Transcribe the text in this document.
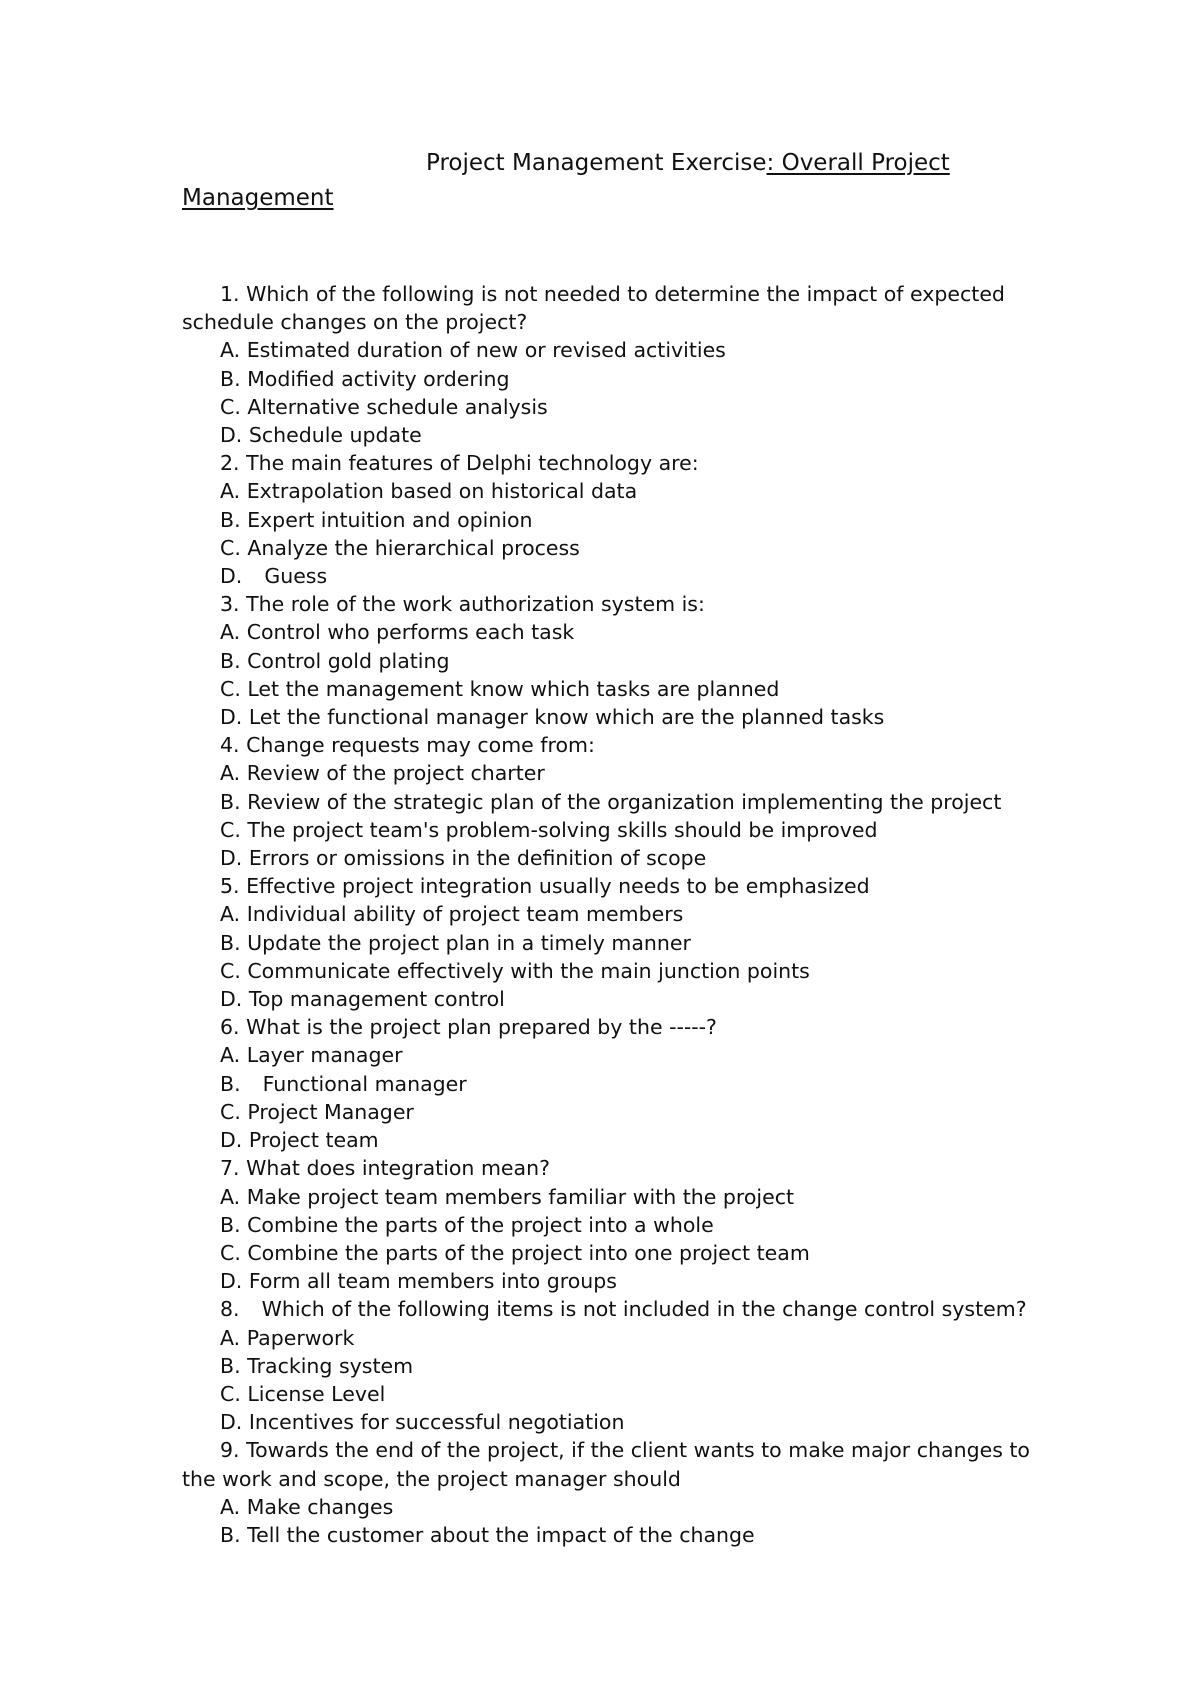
Project Management Exercise: Overall Project
Management
1. Which of the following is not needed to determine the impact of expected schedule changes on the project?
A. Estimated duration of new or revised activities
B. Modified activity ordering
C. Alternative schedule analysis
D. Schedule update
2. The main features of Delphi technology are:
A. Extrapolation based on historical data
B. Expert intuition and opinion
C. Analyze the hierarchical process
D. Guess
3. The role of the work authorization system is:
A. Control who performs each task
B. Control gold plating
C. Let the management know which tasks are planned
D. Let the functional manager know which are the planned tasks
4. Change requests may come from:
A. Review of the project charter
B. Review of the strategic plan of the organization implementing the project
C. The project team's problem-solving skills should be improved
D. Errors or omissions in the definition of scope
5. Effective project integration usually needs to be emphasized
A. Individual ability of project team members
B. Update the project plan in a timely manner
C. Communicate effectively with the main junction points
D. Top management control
6. What is the project plan prepared by the -----?
A. Layer manager
B. Functional manager
C. Project Manager
D. Project team
7. What does integration mean?
A. Make project team members familiar with the project
B. Combine the parts of the project into a whole
C. Combine the parts of the project into one project team
D. Form all team members into groups
8. Which of the following items is not included in the change control system?
A. Paperwork
B. Tracking system
C. License Level
D. Incentives for successful negotiation
9. Towards the end of the project, if the client wants to make major changes to the work and scope, the project manager should
A. Make changes
B. Tell the customer about the impact of the change
